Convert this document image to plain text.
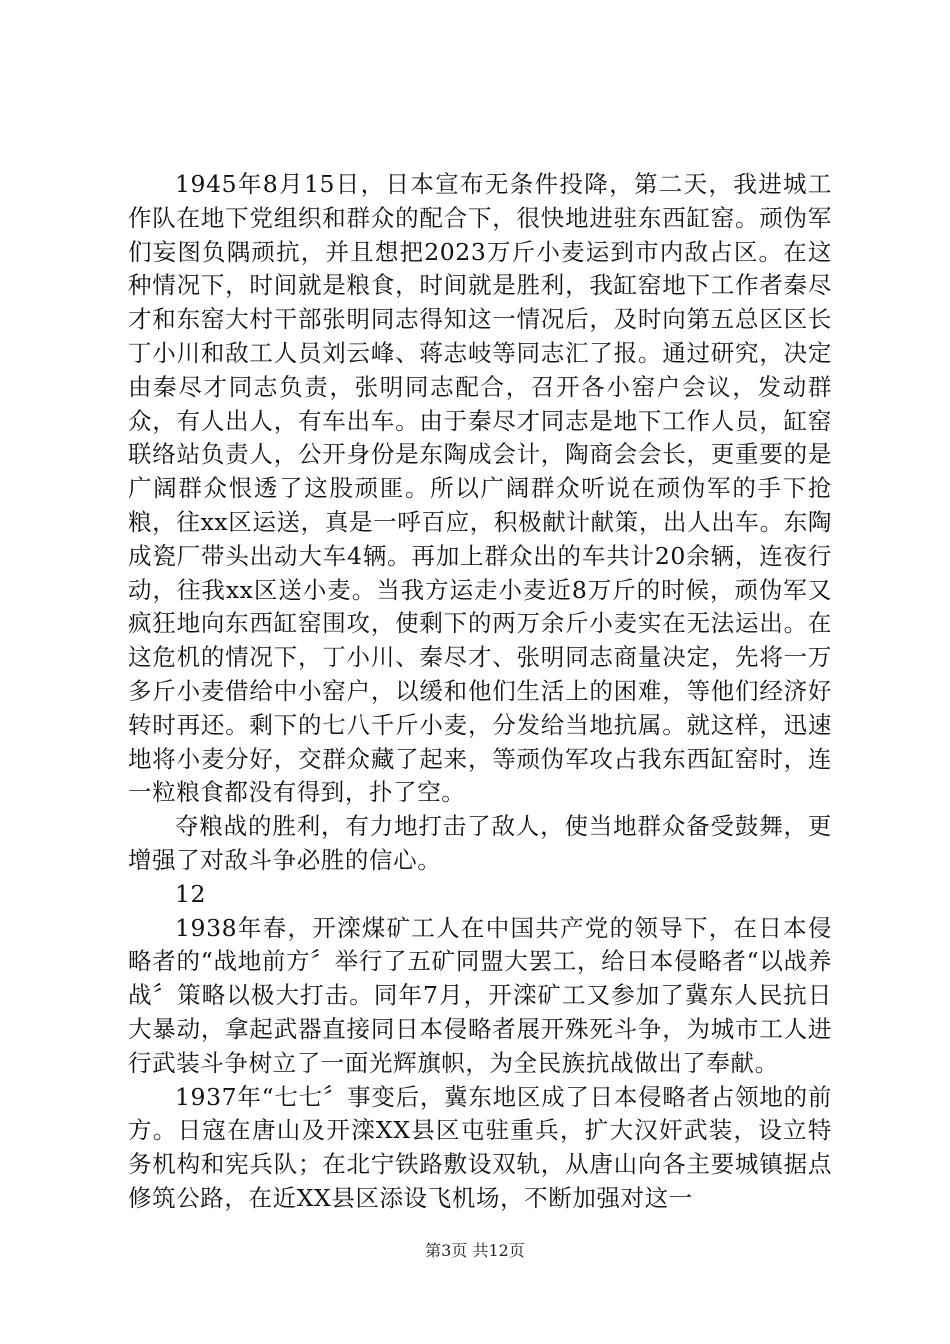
1945年8月15日，日本宣布无条件投降，第二天，我进城工作队在地下党组织和群众的配合下，很快地进驻东西缸窑。顽伪军们妄图负隅顽抗，并且想把2023万斤小麦运到市内敌占区。在这种情况下，时间就是粮食，时间就是胜利，我缸窑地下工作者秦尽才和东窑大村干部张明同志得知这一情况后，及时向第五总区区长丁小川和敌工人员刘云峰、蒋志岐等同志汇了报。通过研究，决定由秦尽才同志负责，张明同志配合，召开各小窑户会议，发动群众，有人出人，有车出车。由于秦尽才同志是地下工作人员，缸窑联络站负责人，公开身份是东陶成会计，陶商会会长，更重要的是广阔群众恨透了这股顽匪。所以广阔群众听说在顽伪军的手下抢粮，往xx区运送，真是一呼百应，积极献计献策，出人出车。东陶成瓷厂带头出动大车4辆。再加上群众出的车共计20余辆，连夜行动，往我xx区送小麦。当我方运走小麦近8万斤的时候，顽伪军又疯狂地向东西缸窑围攻，使剩下的两万余斤小麦实在无法运出。在这危机的情况下，丁小川、秦尽才、张明同志商量决定，先将一万多斤小麦借给中小窑户，以缓和他们生活上的困难，等他们经济好转时再还。剩下的七八千斤小麦，分发给当地抗属。就这样，迅速地将小麦分好，交群众藏了起来，等顽伪军攻占我东西缸窑时，连一粒粮食都没有得到，扑了空。

夺粮战的胜利，有力地打击了敌人，使当地群众备受鼓舞，更增强了对敌斗争必胜的信心。

12

1938年春，开滦煤矿工人在中国共产党的领导下，在日本侵略者的“战地前方〞举行了五矿同盟大罢工，给日本侵略者“以战养战〞策略以极大打击。同年7月，开滦矿工又参加了冀东人民抗日大暴动，拿起武器直接同日本侵略者展开殊死斗争，为城市工人进行武装斗争树立了一面光辉旗帜，为全民族抗战做出了奉献。

1937年“七七〞事变后，冀东地区成了日本侵略者占领地的前方。日寇在唐山及开滦XX县区屯驻重兵，扩大汉奸武装，设立特务机构和宪兵队；在北宁铁路敷设双轨，从唐山向各主要城镇据点修筑公路，在近XX县区添设飞机场，不断加强对这一

第3页 共12页
